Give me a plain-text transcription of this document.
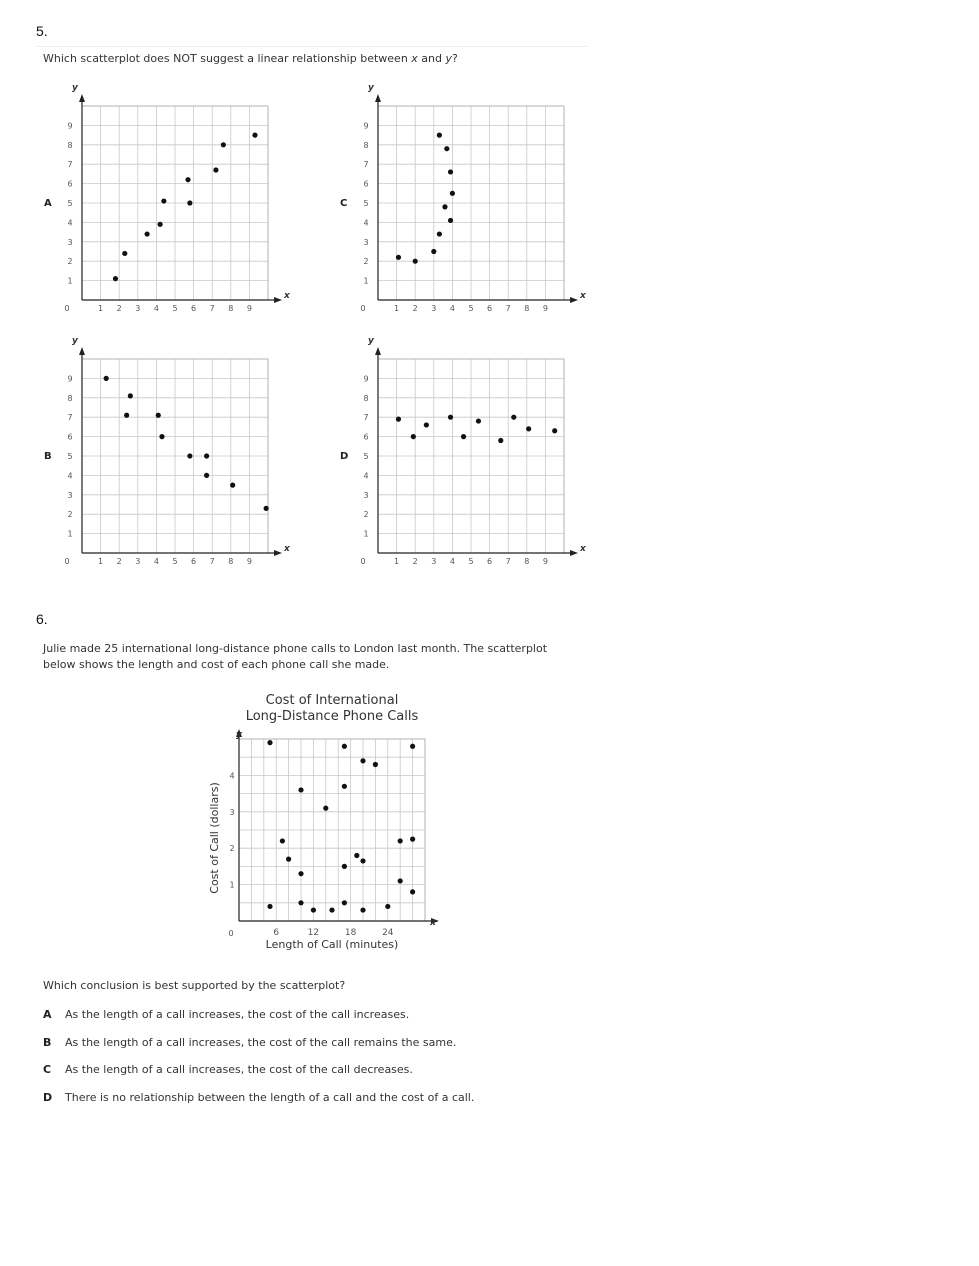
5.
Which scatterplot does NOT suggest a linear relationship between x and y?
6.
Julie made 25 international long-distance phone calls to London last month. The scatterplot
below shows the length and cost of each phone call she made.
Cost of International
Long-Distance Phone Calls
x
y
0	1 2 3 4 5 6 7 8 9
1
2
3
4
5
6
7
8
9
A
x
y
0	1 2 3 4 5 6 7 8 9
1
2
3
4
5
6
7
8
9
C
x
y
0	1 2 3 4 5 6 7 8 9
1
2
3
4
5
6
7
8
9
B
x
y
0	1 2 3 4 5 6 7 8 9
1
2
3
4
5
6
7
8
9
D
x
y
0	6	12	18	24
1
2
3
4
Length of Call (minutes)
Cost of Call (dollars)
Which conclusion is best supported by the scatterplot?
A	As the length of a call increases, the cost of the call increases.
B	As the length of a call increases, the cost of the call remains the same.
C	As the length of a call increases, the cost of the call decreases.
D	There is no relationship between the length of a call and the cost of a call.
